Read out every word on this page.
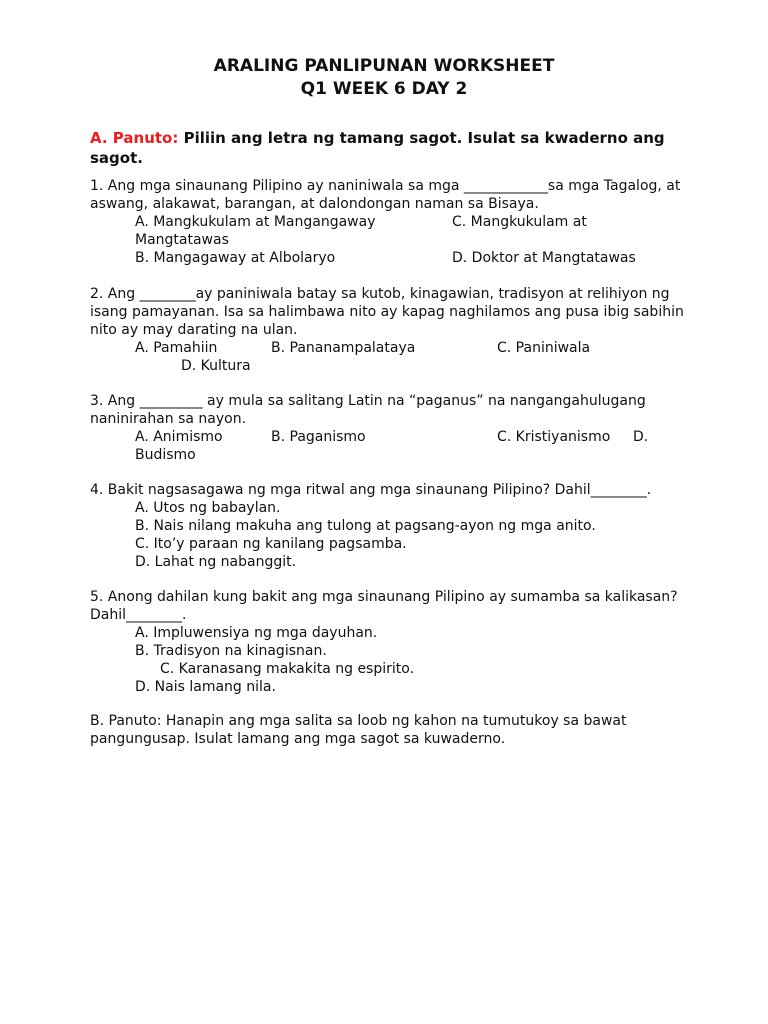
ARALING PANLIPUNAN WORKSHEET
Q1 WEEK 6 DAY 2
A. Panuto: Piliin ang letra ng tamang sagot. Isulat sa kwaderno ang sagot.
1. Ang mga sinaunang Pilipino ay naniniwala sa mga ____________sa mga Tagalog, at aswang, alakawat, barangan, at dalondongan naman sa Bisaya.
A. Mangkukulam at Mangangaway	C. Mangkukulam at
Mangtatawas
B. Mangagaway at Albolaryo	D. Doktor at Mangtatawas
2. Ang ________ay paniniwala batay sa kutob, kinagawian, tradisyon at relihiyon ng isang pamayanan. Isa sa halimbawa nito ay kapag naghilamos ang pusa ibig sabihin nito ay may darating na ulan.
A. Pamahiin	B. Pananampalataya	C. Paniniwala
D. Kultura
3. Ang _________ ay mula sa salitang Latin na “paganus” na nangangahulugang naninirahan sa nayon.
A. Animismo	B. Paganismo	C. Kristiyanismo D.
Budismo
4. Bakit nagsasagawa ng mga ritwal ang mga sinaunang Pilipino? Dahil________.
A. Utos ng babaylan.
B. Nais nilang makuha ang tulong at pagsang-ayon ng mga anito.
C. Ito’y paraan ng kanilang pagsamba.
D. Lahat ng nabanggit.
5. Anong dahilan kung bakit ang mga sinaunang Pilipino ay sumamba sa kalikasan? Dahil________.
A. Impluwensiya ng mga dayuhan.
B. Tradisyon na kinagisnan.
C. Karanasang makakita ng espirito.
D. Nais lamang nila.
B. Panuto: Hanapin ang mga salita sa loob ng kahon na tumutukoy sa bawat pangungusap. Isulat lamang ang mga sagot sa kuwaderno.
